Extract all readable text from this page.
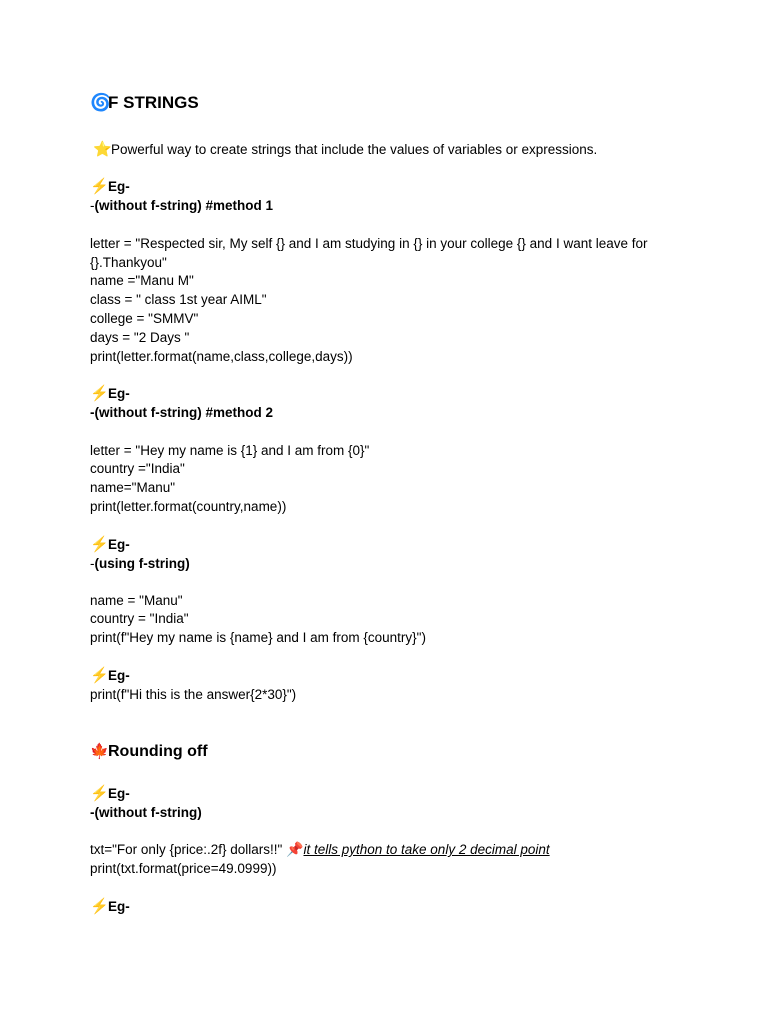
🌀F STRINGS
⭐Powerful way to create strings that include the values of variables or expressions.
⚡Eg-
-(without f-string) #method 1
letter = "Respected sir, My self {} and I am studying in {} in your college {} and I want leave for
{}.Thankyou"
name ="Manu M"
class = " class 1st year AIML"
college = "SMMV"
days = "2 Days "
print(letter.format(name,class,college,days))
⚡Eg-
-(without f-string) #method 2
letter = "Hey my name is {1} and I am from {0}"
country ="India"
name="Manu"
print(letter.format(country,name))
⚡Eg-
-(using f-string)
name = "Manu"
country = "India"
print(f"Hey my name is {name} and I am from {country}")
⚡Eg-
print(f"Hi this is the answer{2*30}")
🍁Rounding off
⚡Eg-
-(without f-string)
txt="For only {price:.2f} dollars!!" 📌it tells python to take only 2 decimal point
print(txt.format(price=49.0999))
⚡Eg-
